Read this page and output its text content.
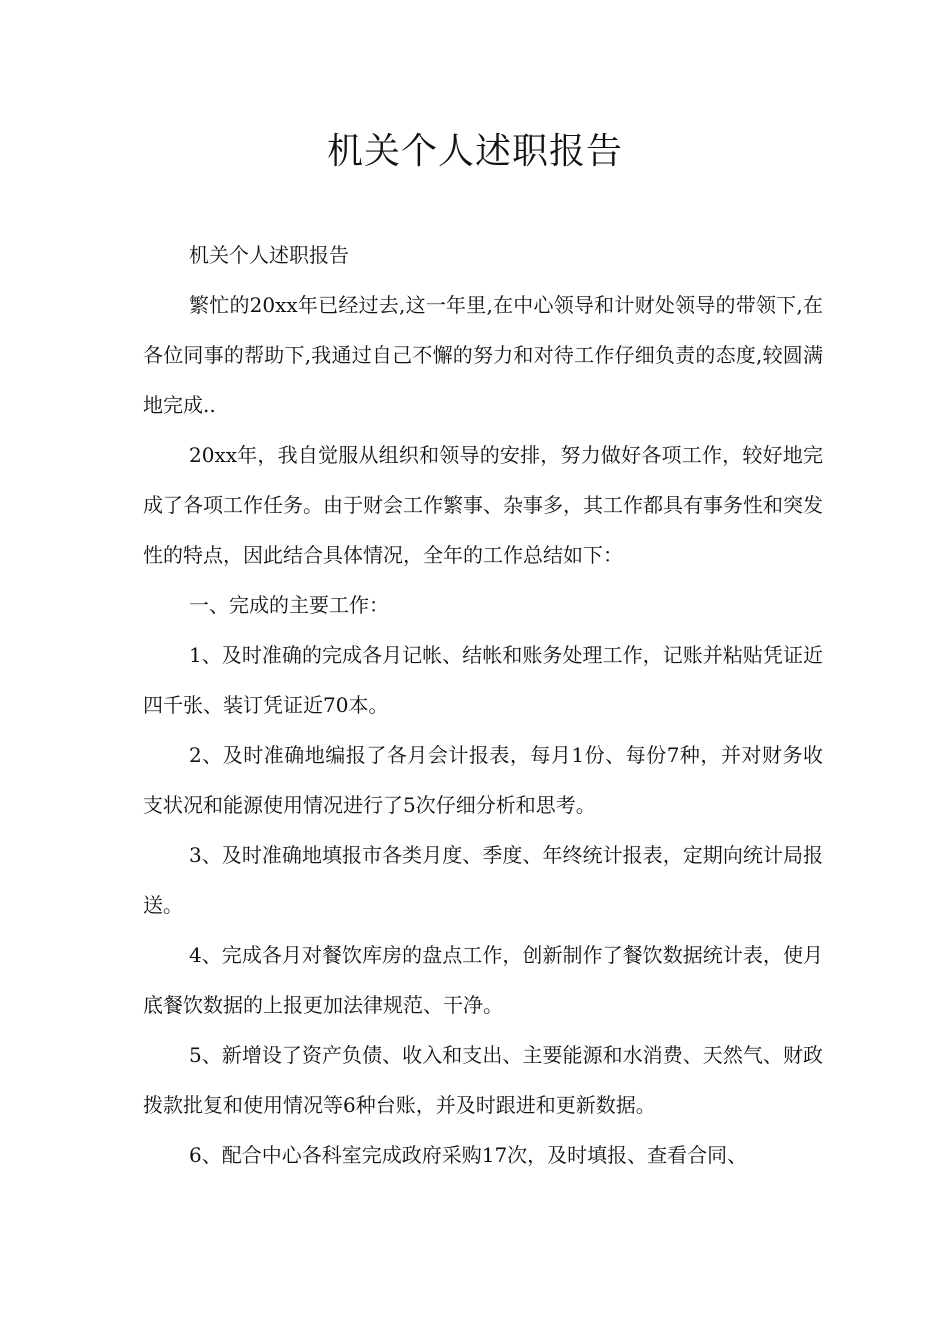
机关个人述职报告

机关个人述职报告

繁忙的20xx年已经过去,这一年里,在中心领导和计财处领导的带领下,在各位同事的帮助下,我通过自己不懈的努力和对待工作仔细负责的态度,较圆满地完成..

20xx年，我自觉服从组织和领导的安排，努力做好各项工作，较好地完成了各项工作任务。由于财会工作繁事、杂事多，其工作都具有事务性和突发性的特点，因此结合具体情况，全年的工作总结如下：

一、完成的主要工作：

1、及时准确的完成各月记帐、结帐和账务处理工作，记账并粘贴凭证近四千张、装订凭证近70本。

2、及时准确地编报了各月会计报表，每月1份、每份7种，并对财务收支状况和能源使用情况进行了5次仔细分析和思考。

3、及时准确地填报市各类月度、季度、年终统计报表，定期向统计局报送。

4、完成各月对餐饮库房的盘点工作，创新制作了餐饮数据统计表，使月底餐饮数据的上报更加法律规范、干净。

5、新增设了资产负债、收入和支出、主要能源和水消费、天然气、财政拨款批复和使用情况等6种台账，并及时跟进和更新数据。

6、配合中心各科室完成政府采购17次，及时填报、查看合同、
